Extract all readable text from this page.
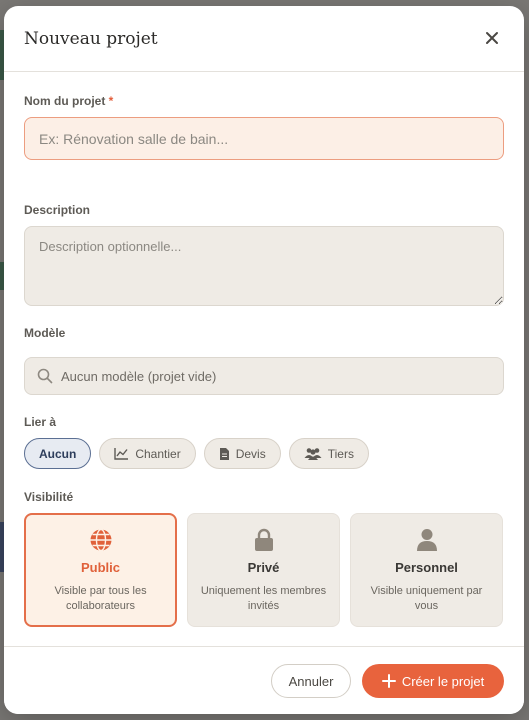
Nouveau projet
Nom du projet *
Ex: Rénovation salle de bain...
Description
Description optionnelle...
Modèle
Aucun modèle (projet vide)
Lier à
Aucun	Chantier	Devis	Tiers
Visibilité
Public
Visible par tous les collaborateurs
Privé
Uniquement les membres invités
Personnel
Visible uniquement par vous
Annuler	Créer le projet
